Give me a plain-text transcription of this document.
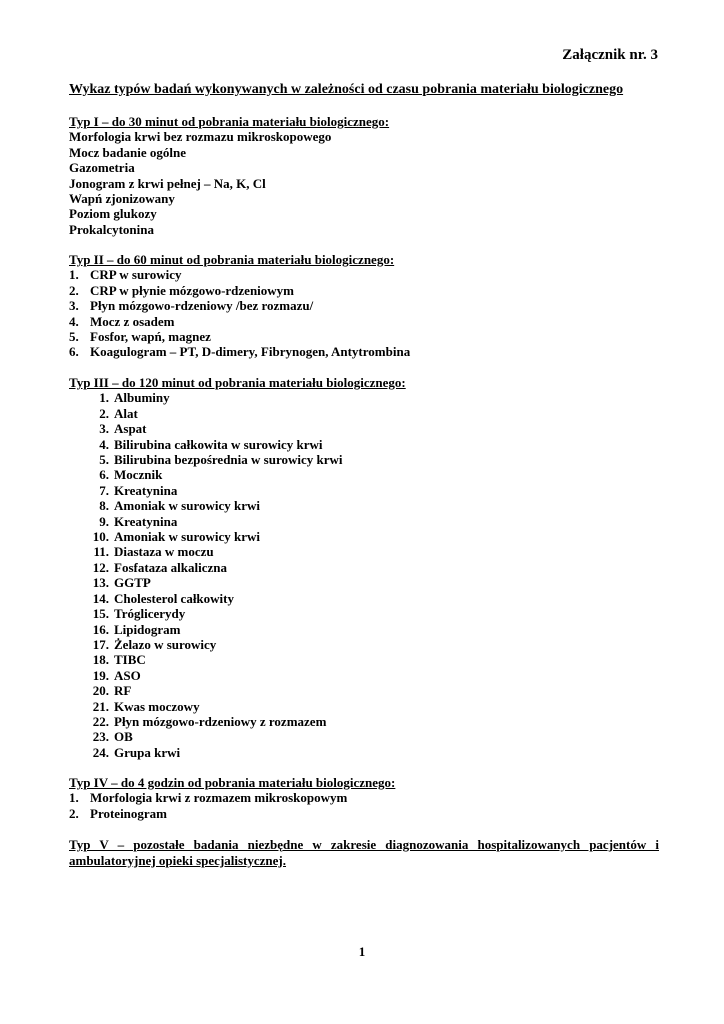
Załącznik nr. 3
Wykaz typów badań wykonywanych w zależności od czasu pobrania materiału biologicznego
Typ I – do 30 minut od pobrania materiału biologicznego:
Morfologia krwi bez rozmazu mikroskopowego
Mocz badanie ogólne
Gazometria
Jonogram z krwi pełnej – Na, K, Cl
Wapń zjonizowany
Poziom glukozy
Prokalcytonina
Typ II – do 60 minut od pobrania materiału biologicznego:
1. CRP w surowicy
2. CRP w płynie mózgowo-rdzeniowym
3. Płyn mózgowo-rdzeniowy /bez rozmazu/
4. Mocz z osadem
5. Fosfor, wapń, magnez
6. Koagulogram – PT, D-dimery, Fibrynogen, Antytrombina
Typ III – do 120 minut od pobrania materiału biologicznego:
1. Albuminy
2. Alat
3. Aspat
4. Bilirubina całkowita w surowicy krwi
5. Bilirubina bezpośrednia w surowicy krwi
6. Mocznik
7. Kreatynina
8. Amoniak w surowicy krwi
9. Kreatynina
10. Amoniak w surowicy krwi
11. Diastaza w moczu
12. Fosfataza alkaliczna
13. GGTP
14. Cholesterol całkowity
15. Tróglicerydy
16. Lipidogram
17. Żelazo w surowicy
18. TIBC
19. ASO
20. RF
21. Kwas moczowy
22. Płyn mózgowo-rdzeniowy z rozmazem
23. OB
24. Grupa krwi
Typ IV – do 4 godzin od pobrania materiału biologicznego:
1. Morfologia krwi z rozmazem mikroskopowym
2. Proteinogram
Typ V – pozostałe badania niezbędne w zakresie diagnozowania hospitalizowanych pacjentów i ambulatoryjnej opieki specjalistycznej.
1
